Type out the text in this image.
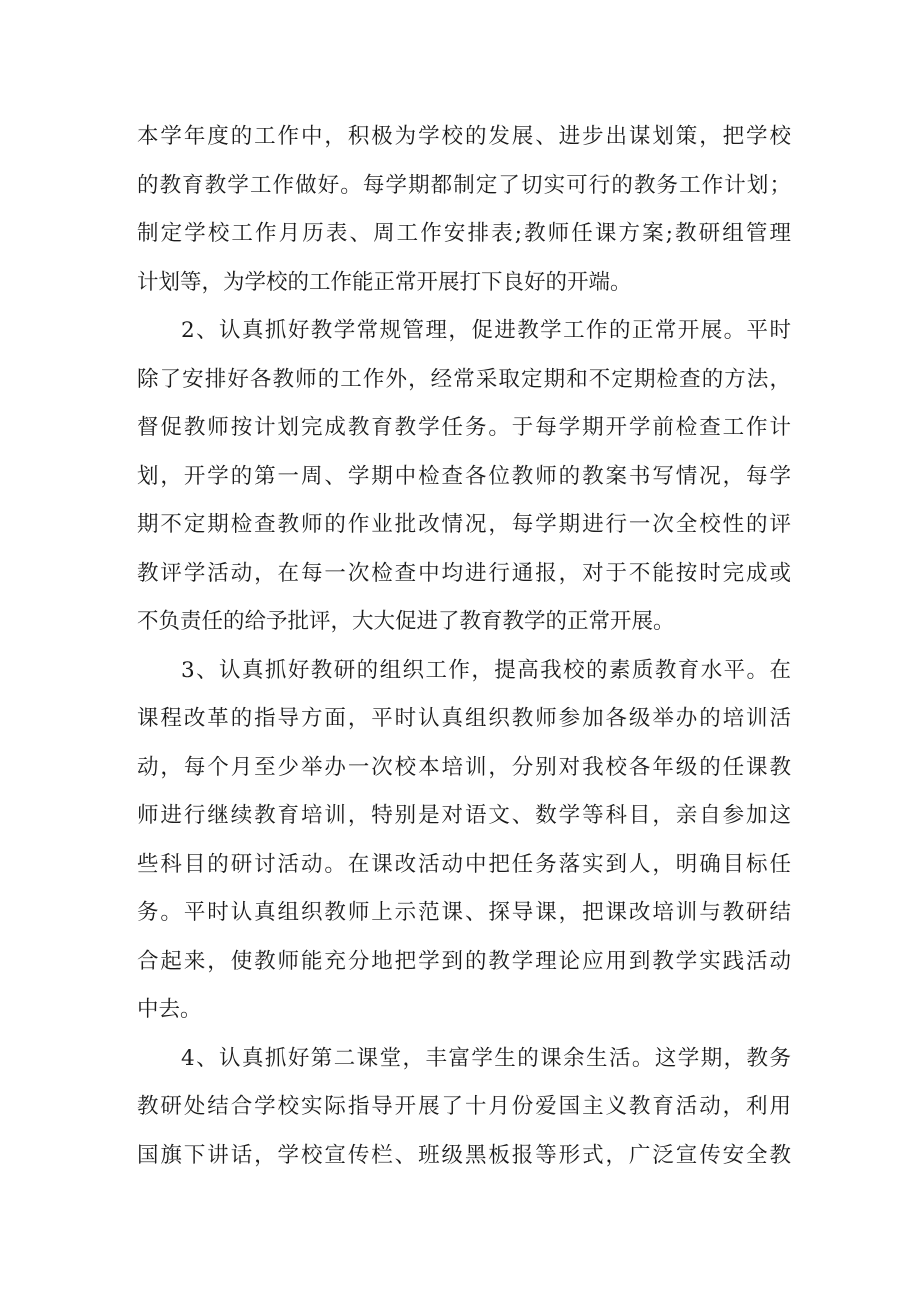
本学年度的工作中，积极为学校的发展、进步出谋划策，把学校
的教育教学工作做好。每学期都制定了切实可行的教务工作计划；
制定学校工作月历表、周工作安排表;教师任课方案;教研组管理
计划等，为学校的工作能正常开展打下良好的开端。
2、认真抓好教学常规管理，促进教学工作的正常开展。平时
除了安排好各教师的工作外，经常采取定期和不定期检查的方法，
督促教师按计划完成教育教学任务。于每学期开学前检查工作计
划，开学的第一周、学期中检查各位教师的教案书写情况，每学
期不定期检查教师的作业批改情况，每学期进行一次全校性的评
教评学活动，在每一次检查中均进行通报，对于不能按时完成或
不负责任的给予批评，大大促进了教育教学的正常开展。
3、认真抓好教研的组织工作，提高我校的素质教育水平。在
课程改革的指导方面，平时认真组织教师参加各级举办的培训活
动，每个月至少举办一次校本培训，分别对我校各年级的任课教
师进行继续教育培训，特别是对语文、数学等科目，亲自参加这
些科目的研讨活动。在课改活动中把任务落实到人，明确目标任
务。平时认真组织教师上示范课、探导课，把课改培训与教研结
合起来，使教师能充分地把学到的教学理论应用到教学实践活动
中去。
4、认真抓好第二课堂，丰富学生的课余生活。这学期，教务
教研处结合学校实际指导开展了十月份爱国主义教育活动，利用
国旗下讲话，学校宣传栏、班级黑板报等形式，广泛宣传安全教
